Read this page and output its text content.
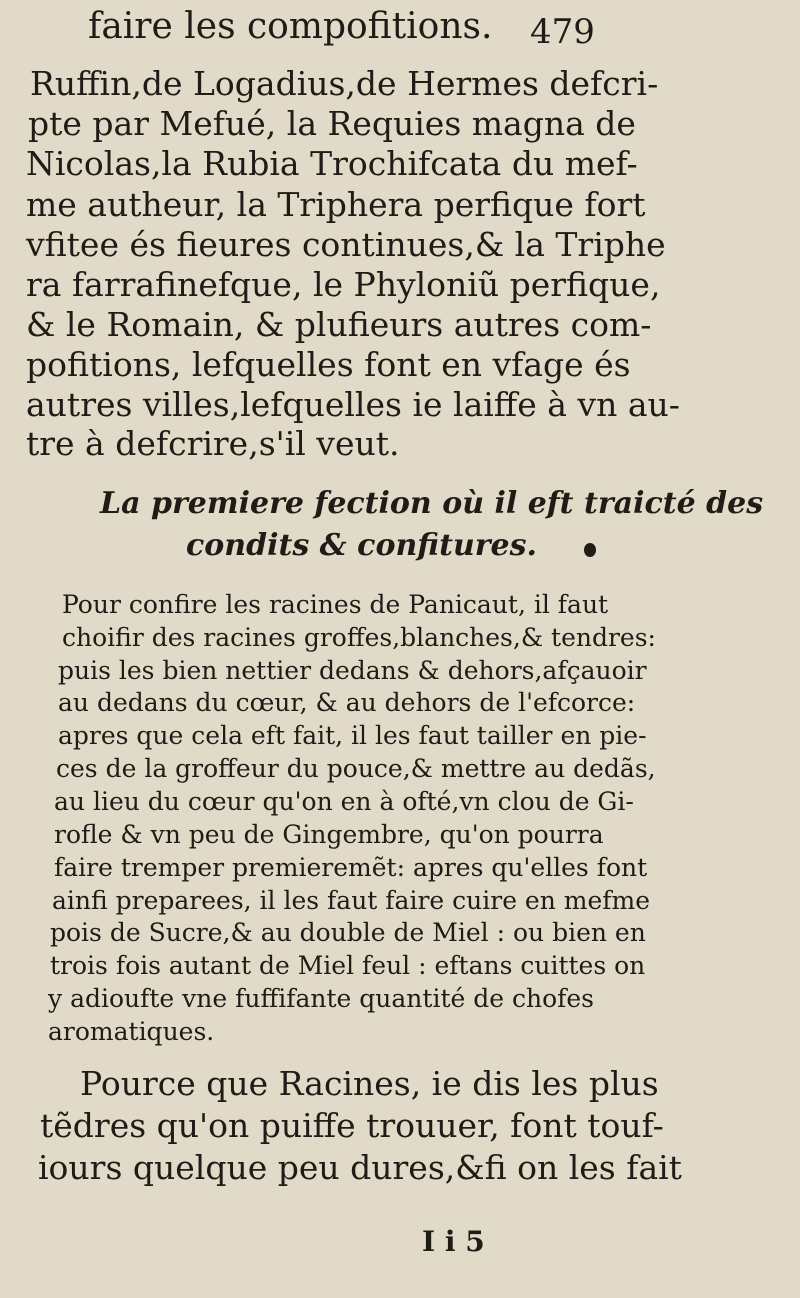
faire les compofitions. 479
Ruffin,de Logadius,de Hermes defcri-
pte par Mefué, la Requies magna de
Nicolas,la Rubia Trochifcata du mef-
me autheur, la Triphera perfique fort
vfitee és fieures continues,& la Triphe
ra farrafinefque, le Phyloniũ perfique,
& le Romain, & plufieurs autres com-
pofitions, lefquelles font en vfage és
autres villes,lefquelles ie laiffe à vn au-
tre à defcrire,s'il veut.
La premiere fection où il eft traicté des
condits & confitures.
Pour confire les racines de Panicaut, il faut
choifir des racines groffes,blanches,& tendres:
puis les bien nettier dedans & dehors,afçauoir
au dedans du cœur, & au dehors de l'efcorce:
apres que cela eft fait, il les faut tailler en pie-
ces de la groffeur du pouce,& mettre au dedãs,
au lieu du cœur qu'on en à ofté,vn clou de Gi-
rofle & vn peu de Gingembre, qu'on pourra
faire tremper premieremẽt: apres qu'elles font
ainfi preparees, il les faut faire cuire en mefme
pois de Sucre,& au double de Miel : ou bien en
trois fois autant de Miel feul : eftans cuittes on
y adioufte vne fuffifante quantité de chofes
aromatiques.
Pource que Racines, ie dis les plus
tẽdres qu'on puiffe trouuer, font touf-
iours quelque peu dures,&fi on les fait
I i 5
